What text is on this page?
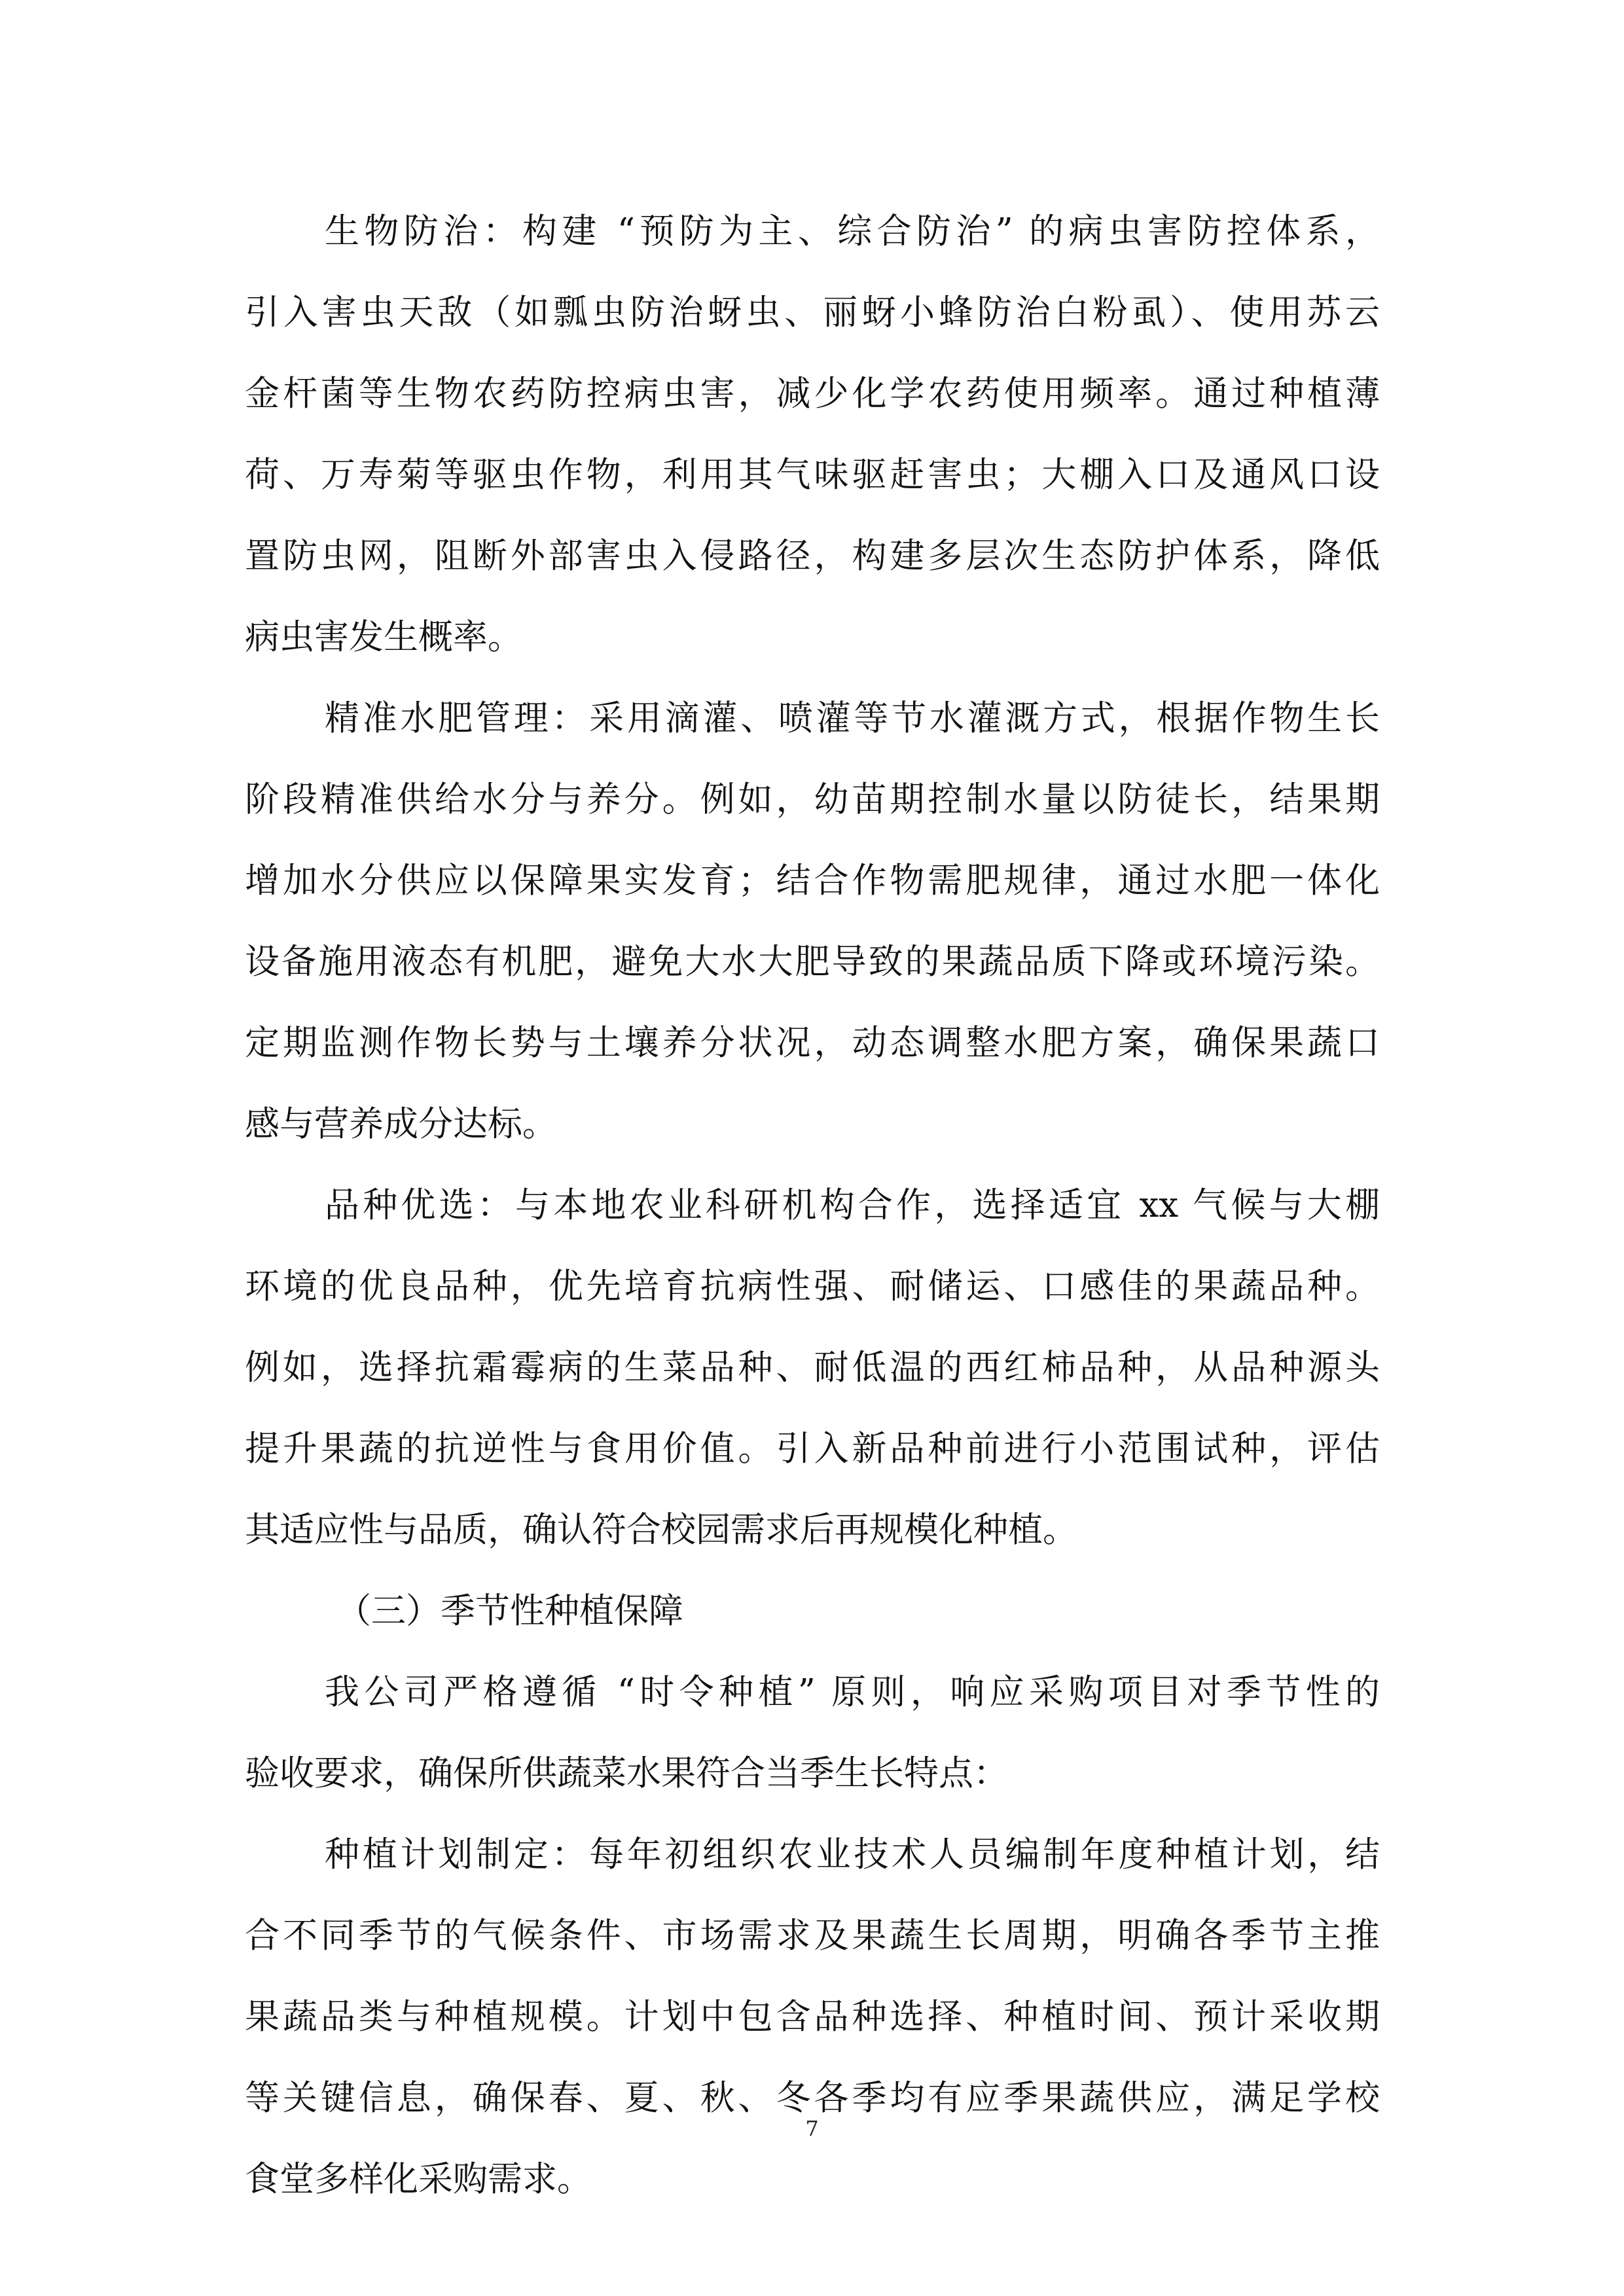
生物防治：构建 “预防为主、综合防治” 的病虫害防控体系，
引入害虫天敌（如瓢虫防治蚜虫、丽蚜小蜂防治白粉虱）、使用苏云
金杆菌等生物农药防控病虫害，减少化学农药使用频率。通过种植薄
荷、万寿菊等驱虫作物，利用其气味驱赶害虫；大棚入口及通风口设
置防虫网，阻断外部害虫入侵路径，构建多层次生态防护体系，降低
病虫害发生概率。
精准水肥管理：采用滴灌、喷灌等节水灌溉方式，根据作物生长
阶段精准供给水分与养分。例如，幼苗期控制水量以防徒长，结果期
增加水分供应以保障果实发育；结合作物需肥规律，通过水肥一体化
设备施用液态有机肥，避免大水大肥导致的果蔬品质下降或环境污染。
定期监测作物长势与土壤养分状况，动态调整水肥方案，确保果蔬口
感与营养成分达标。
品种优选：与本地农业科研机构合作，选择适宜 xx 气候与大棚
环境的优良品种，优先培育抗病性强、耐储运、口感佳的果蔬品种。
例如，选择抗霜霉病的生菜品种、耐低温的西红柿品种，从品种源头
提升果蔬的抗逆性与食用价值。引入新品种前进行小范围试种，评估
其适应性与品质，确认符合校园需求后再规模化种植。
（三）季节性种植保障
我公司严格遵循 “时令种植” 原则，响应采购项目对季节性的
验收要求，确保所供蔬菜水果符合当季生长特点：
种植计划制定：每年初组织农业技术人员编制年度种植计划，结
合不同季节的气候条件、市场需求及果蔬生长周期，明确各季节主推
果蔬品类与种植规模。计划中包含品种选择、种植时间、预计采收期
等关键信息，确保春、夏、秋、冬各季均有应季果蔬供应，满足学校
食堂多样化采购需求。
7
